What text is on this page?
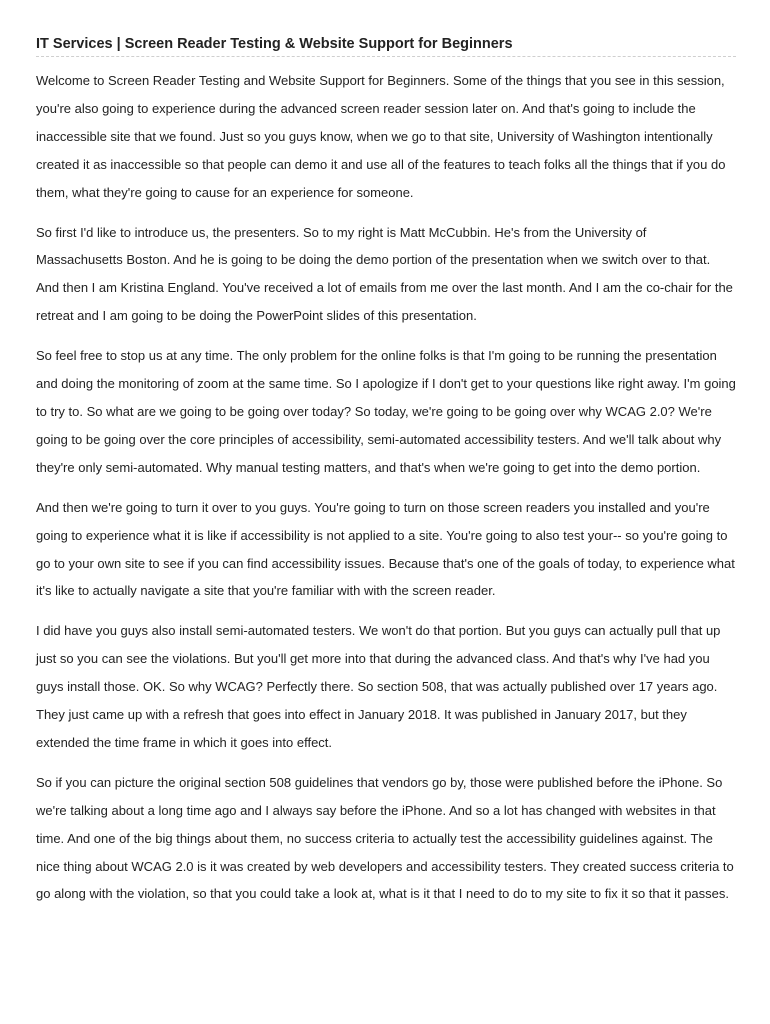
IT Services | Screen Reader Testing & Website Support for Beginners

Welcome to Screen Reader Testing and Website Support for Beginners. Some of the things that you see in this session, you're also going to experience during the advanced screen reader session later on. And that's going to include the inaccessible site that we found. Just so you guys know, when we go to that site, University of Washington intentionally created it as inaccessible so that people can demo it and use all of the features to teach folks all the things that if you do them, what they're going to cause for an experience for someone.

So first I'd like to introduce us, the presenters. So to my right is Matt McCubbin. He's from the University of Massachusetts Boston. And he is going to be doing the demo portion of the presentation when we switch over to that. And then I am Kristina England. You've received a lot of emails from me over the last month. And I am the co-chair for the retreat and I am going to be doing the PowerPoint slides of this presentation.

So feel free to stop us at any time. The only problem for the online folks is that I'm going to be running the presentation and doing the monitoring of zoom at the same time. So I apologize if I don't get to your questions like right away. I'm going to try to. So what are we going to be going over today? So today, we're going to be going over why WCAG 2.0? We're going to be going over the core principles of accessibility, semi-automated accessibility testers. And we'll talk about why they're only semi-automated. Why manual testing matters, and that's when we're going to get into the demo portion.

And then we're going to turn it over to you guys. You're going to turn on those screen readers you installed and you're going to experience what it is like if accessibility is not applied to a site. You're going to also test your-- so you're going to go to your own site to see if you can find accessibility issues. Because that's one of the goals of today, to experience what it's like to actually navigate a site that you're familiar with with the screen reader.

I did have you guys also install semi-automated testers. We won't do that portion. But you guys can actually pull that up just so you can see the violations. But you'll get more into that during the advanced class. And that's why I've had you guys install those. OK. So why WCAG? Perfectly there. So section 508, that was actually published over 17 years ago. They just came up with a refresh that goes into effect in January 2018. It was published in January 2017, but they extended the time frame in which it goes into effect.

So if you can picture the original section 508 guidelines that vendors go by, those were published before the iPhone. So we're talking about a long time ago and I always say before the iPhone. And so a lot has changed with websites in that time. And one of the big things about them, no success criteria to actually test the accessibility guidelines against. The nice thing about WCAG 2.0 is it was created by web developers and accessibility testers. They created success criteria to go along with the violation, so that you could take a look at, what is it that I need to do to my site to fix it so that it passes.
